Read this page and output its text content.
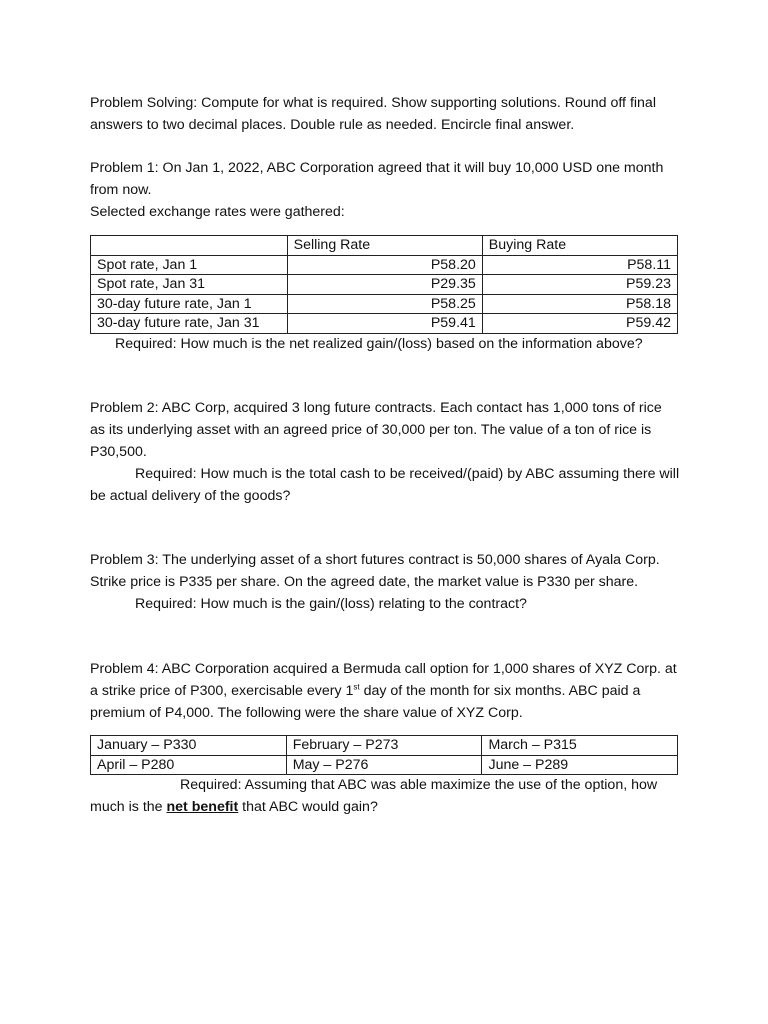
Problem Solving: Compute for what is required. Show supporting solutions. Round off final answers to two decimal places. Double rule as needed. Encircle final answer.

Problem 1: On Jan 1, 2022, ABC Corporation agreed that it will buy 10,000 USD one month from now.

Selected exchange rates were gathered:

	Selling Rate	Buying Rate
Spot rate, Jan 1	P58.20	P58.11
Spot rate, Jan 31	P29.35	P59.23
30-day future rate, Jan 1	P58.25	P58.18
30-day future rate, Jan 31	P59.41	P59.42

Required: How much is the net realized gain/(loss) based on the information above?

Problem 2: ABC Corp, acquired 3 long future contracts. Each contact has 1,000 tons of rice as its underlying asset with an agreed price of 30,000 per ton. The value of a ton of rice is P30,500.

Required: How much is the total cash to be received/(paid) by ABC assuming there will be actual delivery of the goods?

Problem 3: The underlying asset of a short futures contract is 50,000 shares of Ayala Corp. Strike price is P335 per share. On the agreed date, the market value is P330 per share.

Required: How much is the gain/(loss) relating to the contract?

Problem 4: ABC Corporation acquired a Bermuda call option for 1,000 shares of XYZ Corp. at a strike price of P300, exercisable every 1st day of the month for six months. ABC paid a premium of P4,000. The following were the share value of XYZ Corp.

January – P330	February – P273	March – P315
April – P280	May – P276	June – P289

Required: Assuming that ABC was able maximize the use of the option, how much is the net benefit that ABC would gain?
